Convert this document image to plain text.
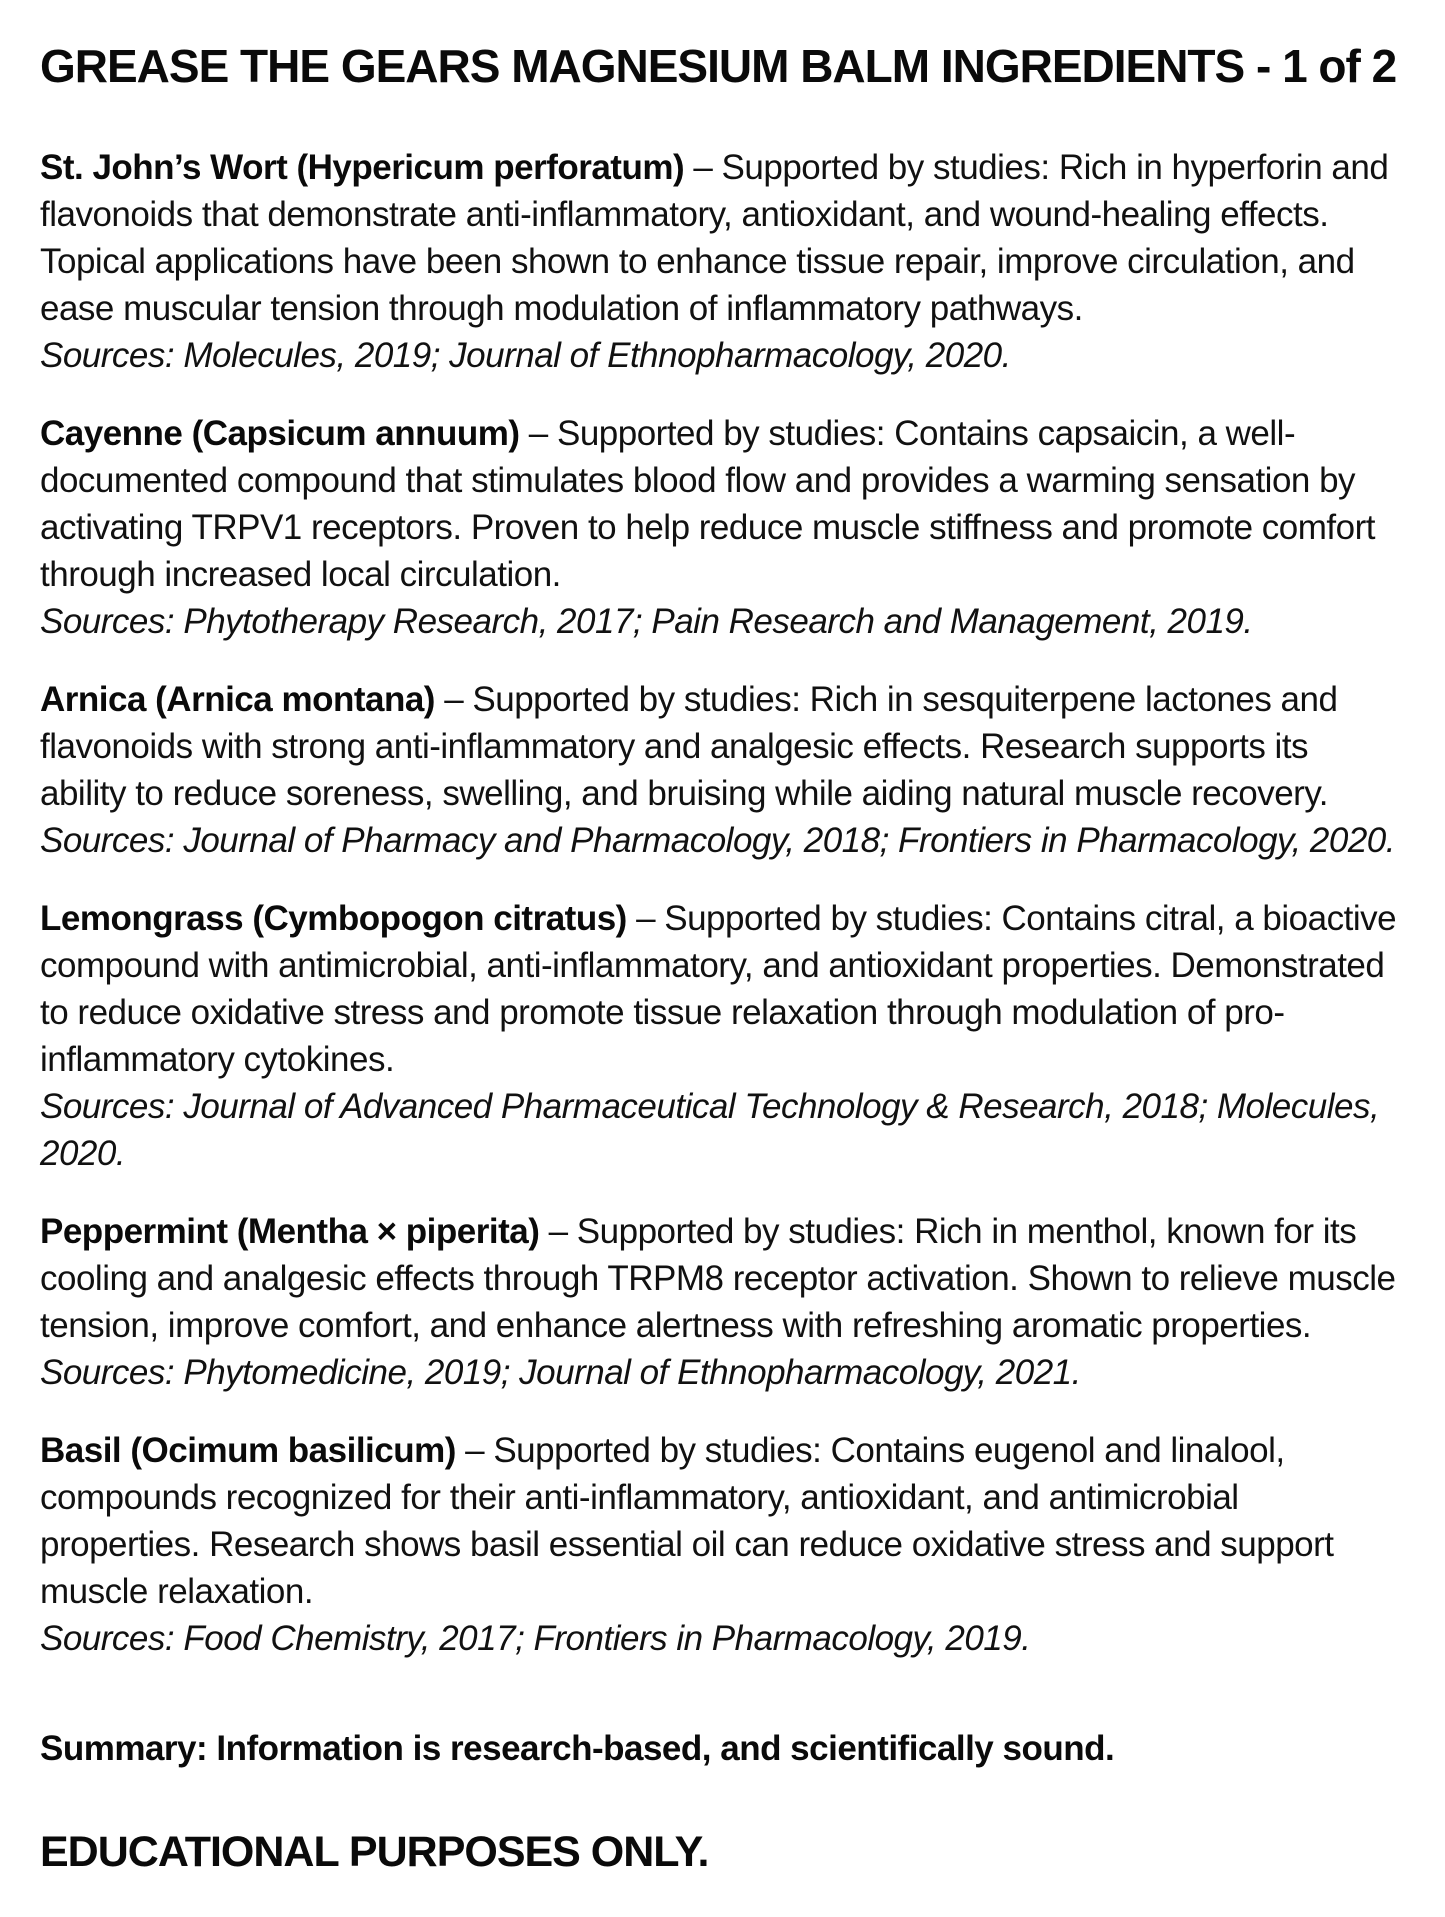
GREASE THE GEARS MAGNESIUM BALM INGREDIENTS - 1 of 2

St. John’s Wort (Hypericum perforatum) – Supported by studies: Rich in hyperforin and flavonoids that demonstrate anti-inflammatory, antioxidant, and wound-healing effects. Topical applications have been shown to enhance tissue repair, improve circulation, and ease muscular tension through modulation of inflammatory pathways.
Sources: Molecules, 2019; Journal of Ethnopharmacology, 2020.

Cayenne (Capsicum annuum) – Supported by studies: Contains capsaicin, a well-documented compound that stimulates blood flow and provides a warming sensation by activating TRPV1 receptors. Proven to help reduce muscle stiffness and promote comfort through increased local circulation.
Sources: Phytotherapy Research, 2017; Pain Research and Management, 2019.

Arnica (Arnica montana) – Supported by studies: Rich in sesquiterpene lactones and flavonoids with strong anti-inflammatory and analgesic effects. Research supports its ability to reduce soreness, swelling, and bruising while aiding natural muscle recovery.
Sources: Journal of Pharmacy and Pharmacology, 2018; Frontiers in Pharmacology, 2020.

Lemongrass (Cymbopogon citratus) – Supported by studies: Contains citral, a bioactive compound with antimicrobial, anti-inflammatory, and antioxidant properties. Demonstrated to reduce oxidative stress and promote tissue relaxation through modulation of pro-inflammatory cytokines.
Sources: Journal of Advanced Pharmaceutical Technology & Research, 2018; Molecules, 2020.

Peppermint (Mentha × piperita) – Supported by studies: Rich in menthol, known for its cooling and analgesic effects through TRPM8 receptor activation. Shown to relieve muscle tension, improve comfort, and enhance alertness with refreshing aromatic properties.
Sources: Phytomedicine, 2019; Journal of Ethnopharmacology, 2021.

Basil (Ocimum basilicum) – Supported by studies: Contains eugenol and linalool, compounds recognized for their anti-inflammatory, antioxidant, and antimicrobial properties. Research shows basil essential oil can reduce oxidative stress and support muscle relaxation.
Sources: Food Chemistry, 2017; Frontiers in Pharmacology, 2019.

Summary: Information is research-based, and scientifically sound.

EDUCATIONAL PURPOSES ONLY.
